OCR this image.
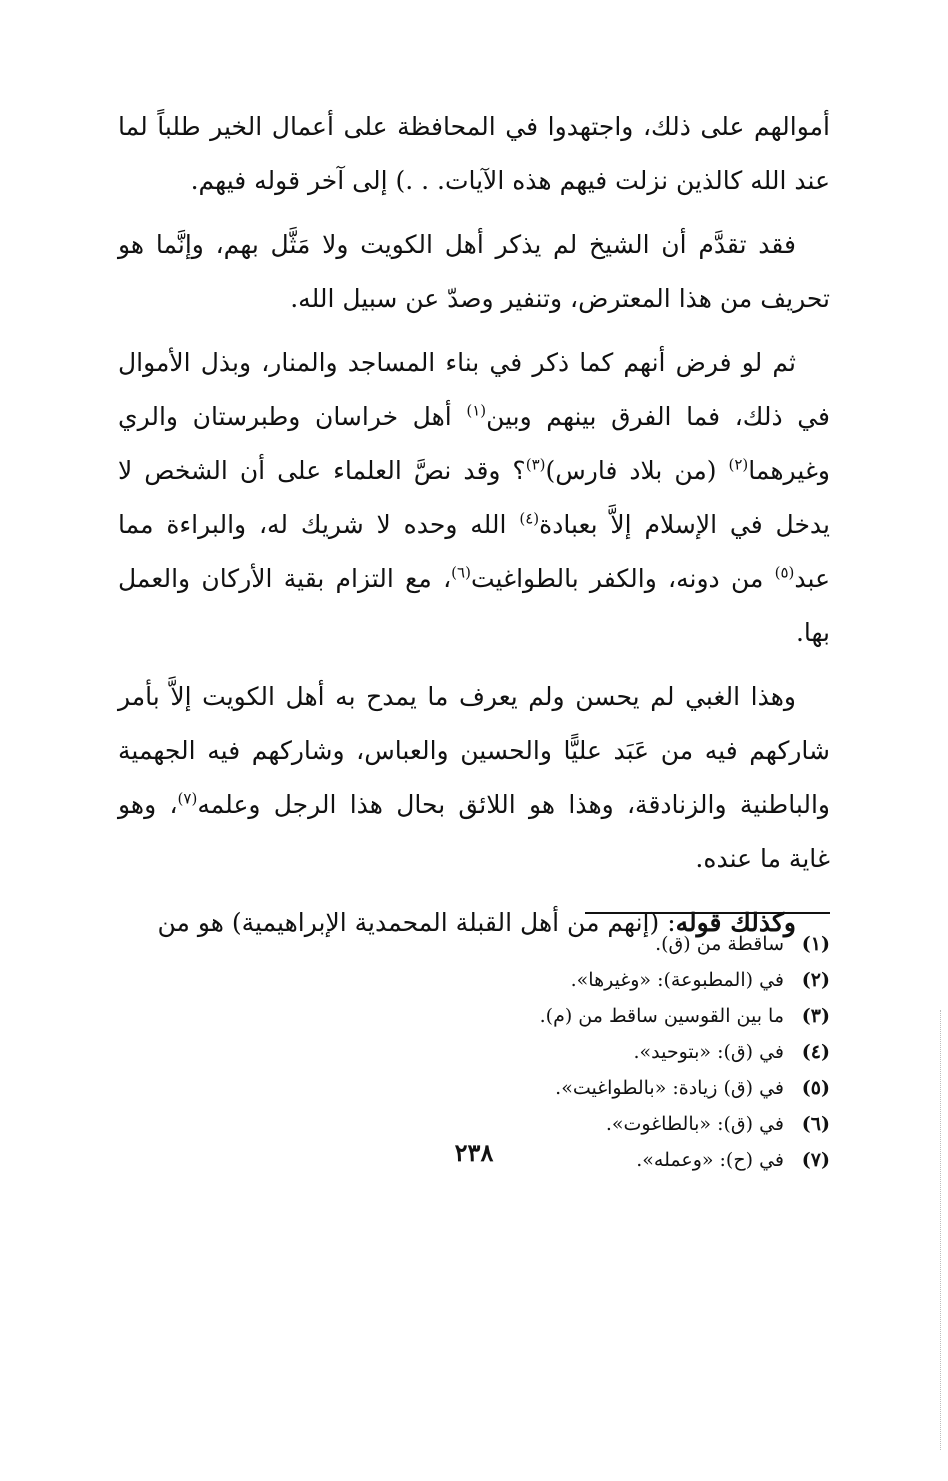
أموالهم على ذلك، واجتهدوا في المحافظة على أعمال الخير طلباً لما عند الله كالذين نزلت فيهم هذه الآيات. . .) إلى آخر قوله فيهم.

فقد تقدَّم أن الشيخ لم يذكر أهل الكويت ولا مَثَّل بهم، وإنَّما هو تحريف من هذا المعترض، وتنفير وصدّ عن سبيل الله.

ثم لو فرض أنهم كما ذكر في بناء المساجد والمنار، وبذل الأموال في ذلك، فما الفرق بينهم وبين$^{(١)}$ أهل خراسان وطبرستان والري وغيرهما$^{(٢)}$ (من بلاد فارس)$^{(٣)}$؟ وقد نصَّ العلماء على أن الشخص لا يدخل في الإسلام إلاَّ بعبادة$^{(٤)}$ الله وحده لا شريك له، والبراءة مما عبد$^{(٥)}$ من دونه، والكفر بالطواغيت$^{(٦)}$، مع التزام بقية الأركان والعمل بها.

وهذا الغبي لم يحسن ولم يعرف ما يمدح به أهل الكويت إلاَّ بأمر شاركهم فيه من عَبَد عليًّا والحسين والعباس، وشاركهم فيه الجهمية والباطنية والزنادقة، وهذا هو اللائق بحال هذا الرجل وعلمه$^{(٧)}$، وهو غاية ما عنده.

وكذلك قوله: (إنهم من أهل القبلة المحمدية الإبراهيمية) هو من

(١)ساقطة من (ق).
(٢)في (المطبوعة): «وغيرها».
(٣)ما بين القوسين ساقط من (م).
(٤)في (ق): «بتوحيد».
(٥)في (ق) زيادة: «بالطواغيت».
(٦)في (ق): «بالطاغوت».
(٧)في (ح): «وعمله».
٢٣٨
